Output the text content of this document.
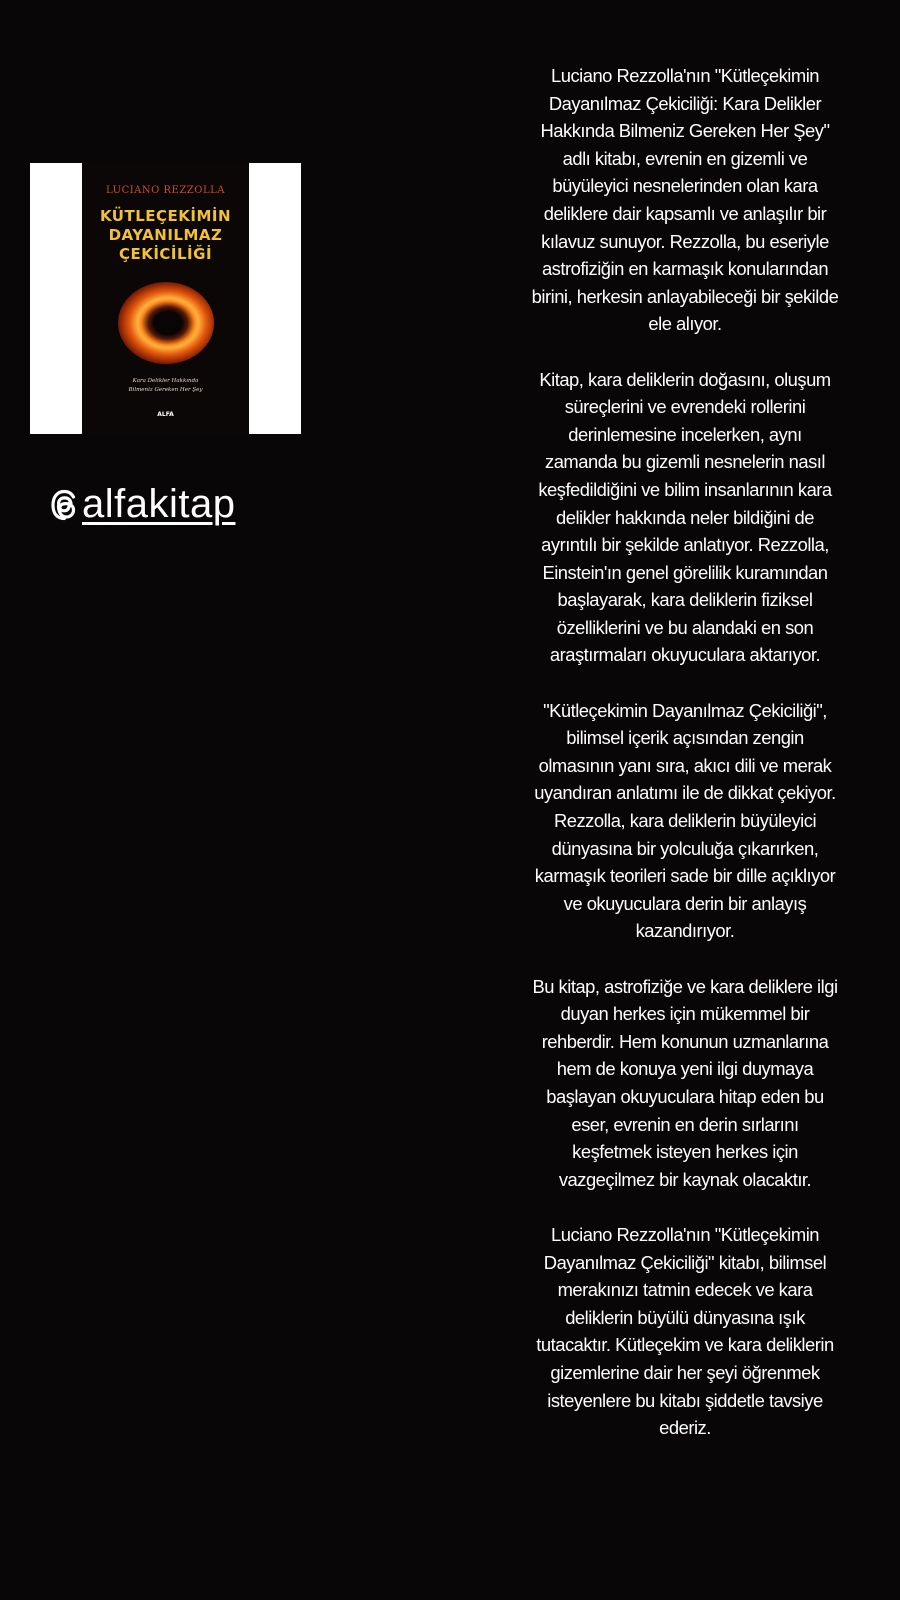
LUCIANO REZZOLLA
KÜTLEÇEKİMİN
DAYANILMAZ
ÇEKİCİLİĞİ
Kara Delikler Hakkında
Bilmeniz Gereken Her Şey
ALFA
alfakitap

Luciano Rezzolla'nın "Kütleçekimin Dayanılmaz Çekiciliği: Kara Delikler Hakkında Bilmeniz Gereken Her Şey" adlı kitabı, evrenin en gizemli ve büyüleyici nesnelerinden olan kara deliklere dair kapsamlı ve anlaşılır bir kılavuz sunuyor. Rezzolla, bu eseriyle astrofiziğin en karmaşık konularından birini, herkesin anlayabileceği bir şekilde ele alıyor.

Kitap, kara deliklerin doğasını, oluşum süreçlerini ve evrendeki rollerini derinlemesine incelerken, aynı zamanda bu gizemli nesnelerin nasıl keşfedildiğini ve bilim insanlarının kara delikler hakkında neler bildiğini de ayrıntılı bir şekilde anlatıyor. Rezzolla, Einstein'ın genel görelilik kuramından başlayarak, kara deliklerin fiziksel özelliklerini ve bu alandaki en son araştırmaları okuyuculara aktarıyor.

"Kütleçekimin Dayanılmaz Çekiciliği", bilimsel içerik açısından zengin olmasının yanı sıra, akıcı dili ve merak uyandıran anlatımı ile de dikkat çekiyor. Rezzolla, kara deliklerin büyüleyici dünyasına bir yolculuğa çıkarırken, karmaşık teorileri sade bir dille açıklıyor ve okuyuculara derin bir anlayış kazandırıyor.

Bu kitap, astrofiziğe ve kara deliklere ilgi duyan herkes için mükemmel bir rehberdir. Hem konunun uzmanlarına hem de konuya yeni ilgi duymaya başlayan okuyuculara hitap eden bu eser, evrenin en derin sırlarını keşfetmek isteyen herkes için vazgeçilmez bir kaynak olacaktır.

Luciano Rezzolla'nın "Kütleçekimin Dayanılmaz Çekiciliği" kitabı, bilimsel merakınızı tatmin edecek ve kara deliklerin büyülü dünyasına ışık tutacaktır. Kütleçekim ve kara deliklerin gizemlerine dair her şeyi öğrenmek isteyenlere bu kitabı şiddetle tavsiye ederiz.
